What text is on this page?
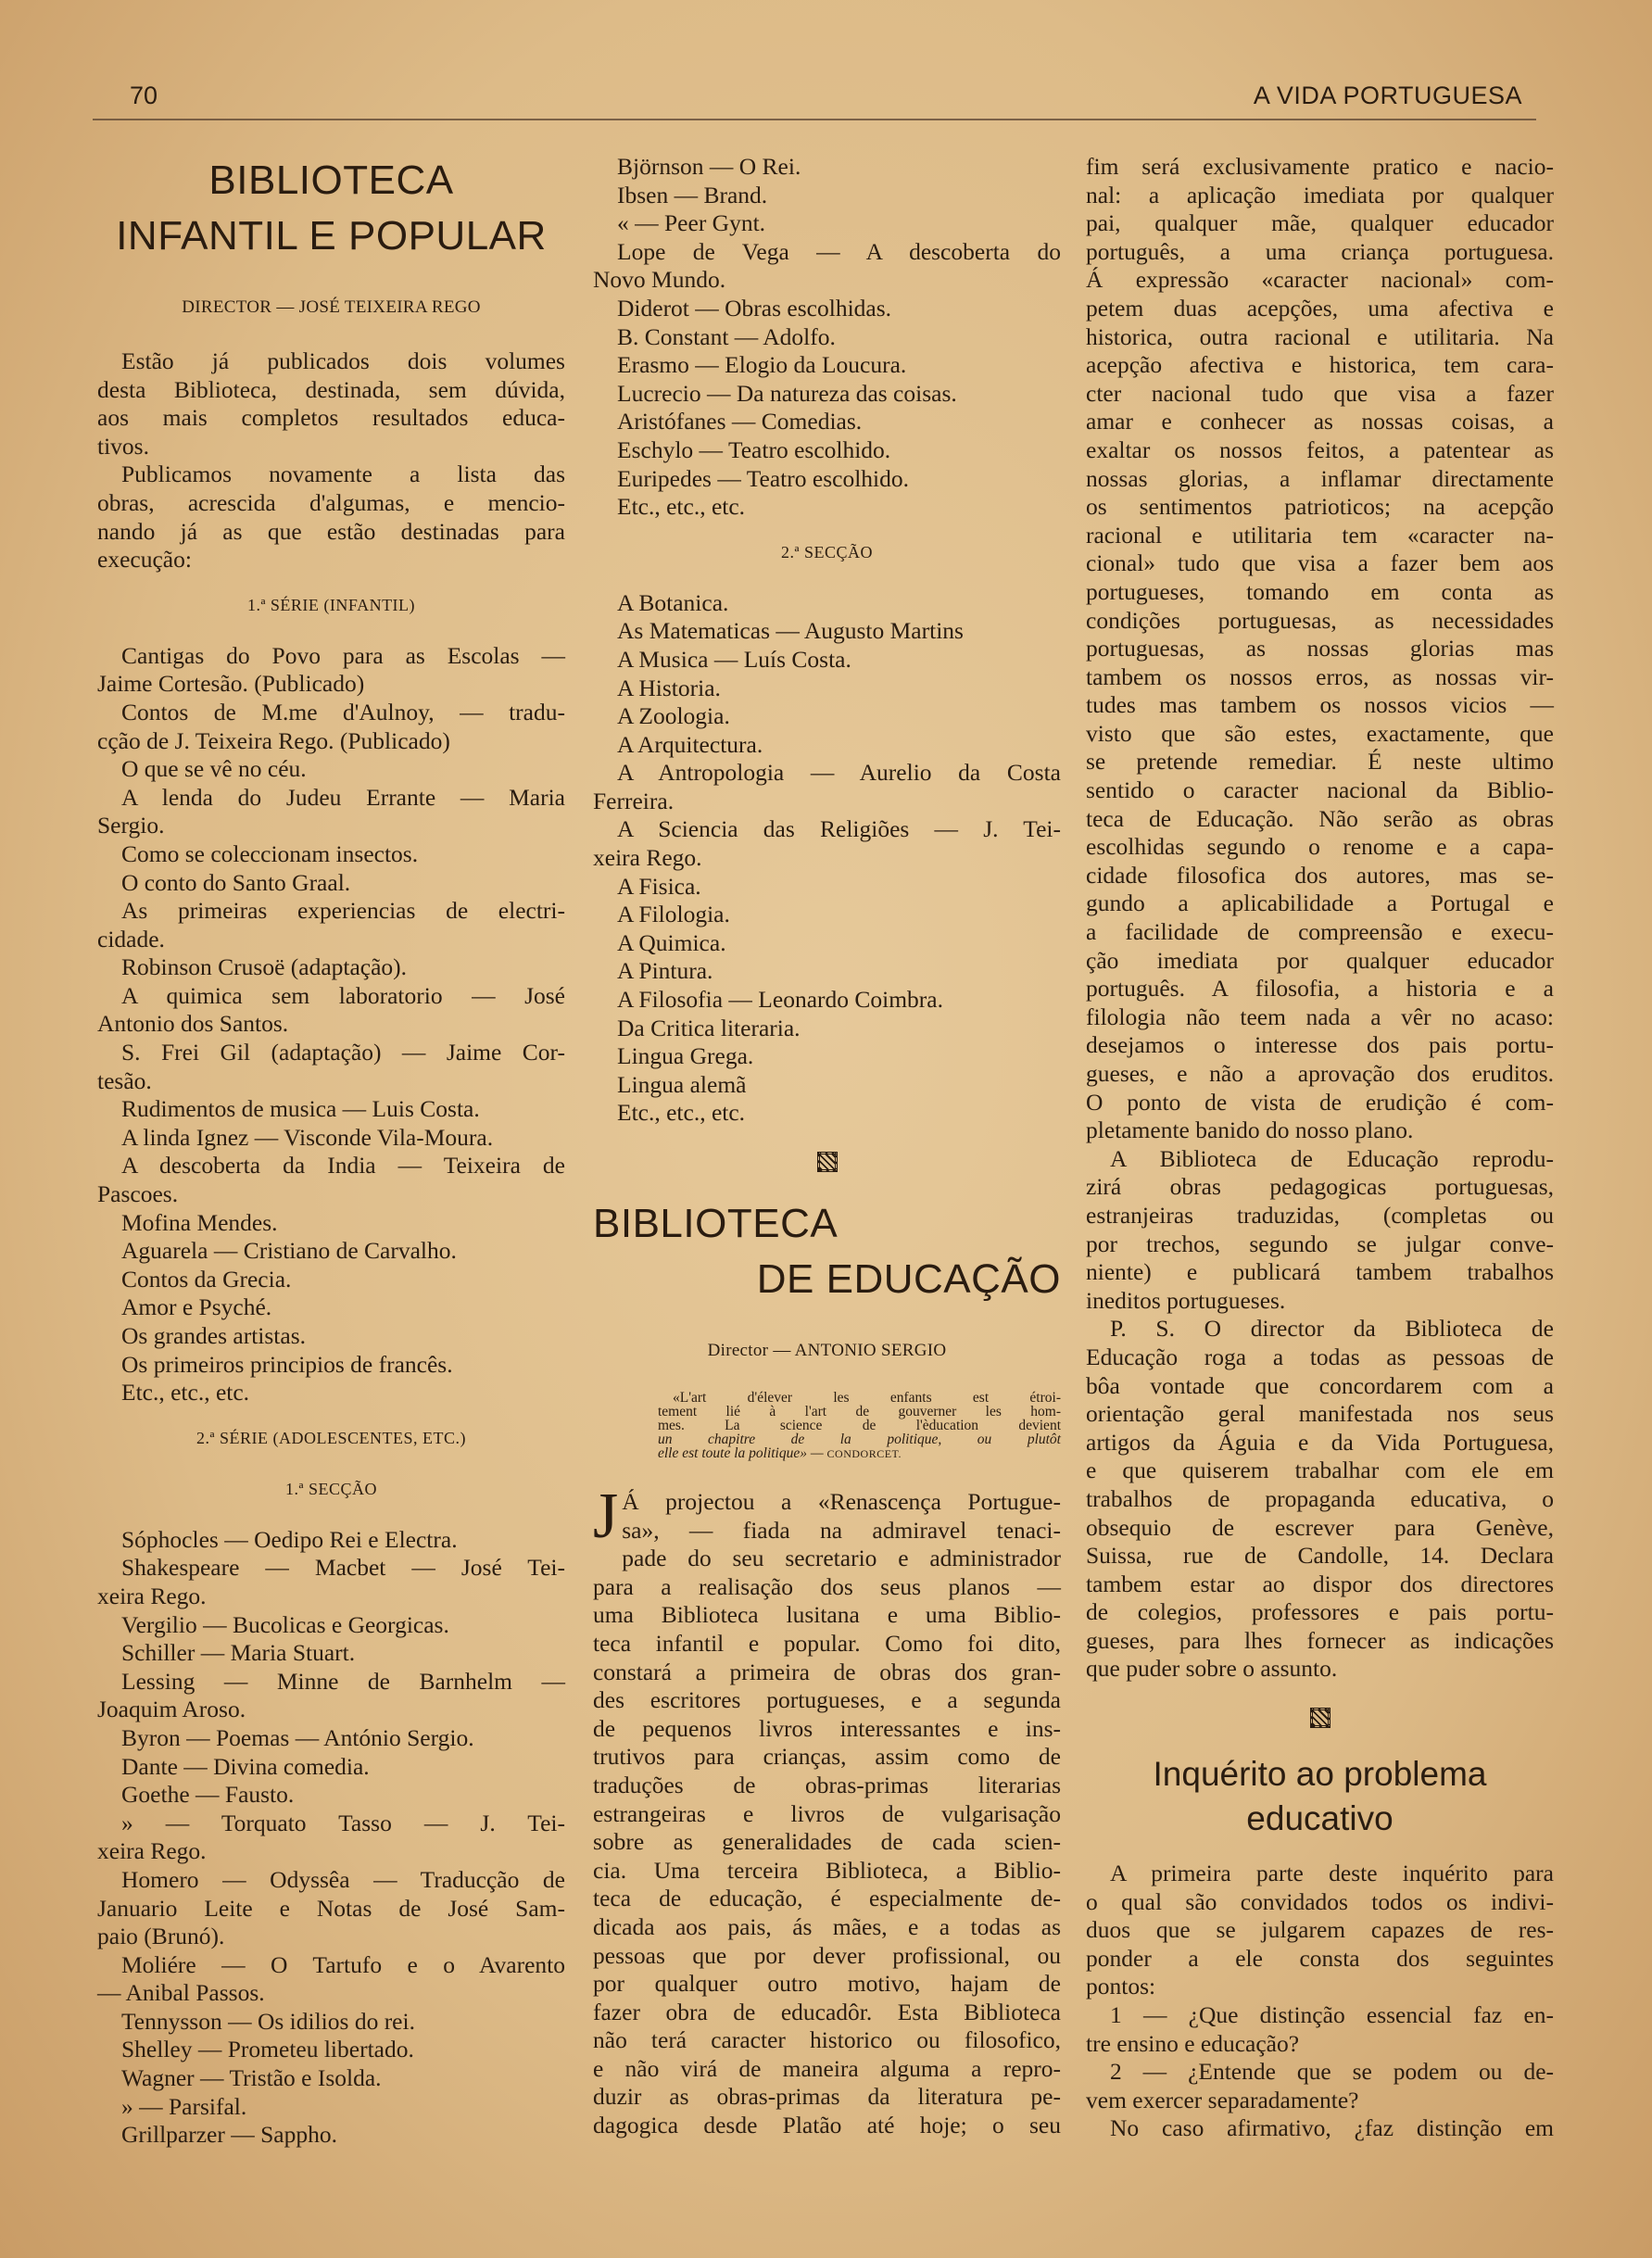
70	A VIDA PORTUGUESA
BIBLIOTECA
INFANTIL E POPULAR
DIRECTOR — JOSÉ TEIXEIRA REGO
Estão já publicados dois volumes
desta Biblioteca, destinada, sem dúvida,
aos mais completos resultados educa-
tivos.
Publicamos novamente a lista das
obras, acrescida d'algumas, e mencio-
nando já as que estão destinadas para
execução:
1.ª SÉRIE (INFANTIL)
Cantigas do Povo para as Escolas —
Jaime Cortesão. (Publicado)
Contos de M.me d'Aulnoy, — tradu-
cção de J. Teixeira Rego. (Publicado)
O que se vê no céu.
A lenda do Judeu Errante — Maria
Sergio.
Como se coleccionam insectos.
O conto do Santo Graal.
As primeiras experiencias de electri-
cidade.
Robinson Crusoë (adaptação).
A quimica sem laboratorio — José
Antonio dos Santos.
S. Frei Gil (adaptação) — Jaime Cor-
tesão.
Rudimentos de musica — Luis Costa.
A linda Ignez — Visconde Vila-Moura.
A descoberta da India — Teixeira de
Pascoes.
Mofina Mendes.
Aguarela — Cristiano de Carvalho.
Contos da Grecia.
Amor e Psyché.
Os grandes artistas.
Os primeiros principios de francês.
Etc., etc., etc.
2.ª SÉRIE (ADOLESCENTES, ETC.)
1.ª SECÇÃO
Sóphocles — Oedipo Rei e Electra.
Shakespeare — Macbet — José Tei-
xeira Rego.
Vergilio — Bucolicas e Georgicas.
Schiller — Maria Stuart.
Lessing — Minne de Barnhelm —
Joaquim Aroso.
Byron — Poemas — António Sergio.
Dante — Divina comedia.
Goethe — Fausto.
» — Torquato Tasso — J. Tei-
xeira Rego.
Homero — Odyssêa — Traducção de
Januario Leite e Notas de José Sam-
paio (Brunó).
Moliére — O Tartufo e o Avarento
— Anibal Passos.
Tennysson — Os idilios do rei.
Shelley — Prometeu libertado.
Wagner — Tristão e Isolda.
» — Parsifal.
Grillparzer — Sappho.
Björnson — O Rei.
Ibsen — Brand.
« — Peer Gynt.
Lope de Vega — A descoberta do
Novo Mundo.
Diderot — Obras escolhidas.
B. Constant — Adolfo.
Erasmo — Elogio da Loucura.
Lucrecio — Da natureza das coisas.
Aristófanes — Comedias.
Eschylo — Teatro escolhido.
Euripedes — Teatro escolhido.
Etc., etc., etc.
2.ª SECÇÃO
A Botanica.
As Matematicas — Augusto Martins
A Musica — Luís Costa.
A Historia.
A Zoologia.
A Arquitectura.
A Antropologia — Aurelio da Costa
Ferreira.
A Sciencia das Religiões — J. Tei-
xeira Rego.
A Fisica.
A Filologia.
A Quimica.
A Pintura.
A Filosofia — Leonardo Coimbra.
Da Critica literaria.
Lingua Grega.
Lingua alemã
Etc., etc., etc.
BIBLIOTECA
DE EDUCAÇÃO
Director — ANTONIO SERGIO
«L'art d'élever les enfants est étroi-
tement lié à l'art de gouverner les hom-
mes. La science de l'èducation devient
un chapitre de la politique, ou plutôt
elle est toute la politique» — CONDORCET.
J Á projectou a «Renascença Portugue-
sa», — fiada na admiravel tenaci-
pade do seu secretario e administrador
para a realisação dos seus planos —
uma Biblioteca lusitana e uma Biblio-
teca infantil e popular. Como foi dito,
constará a primeira de obras dos gran-
des escritores portugueses, e a segunda
de pequenos livros interessantes e ins-
trutivos para crianças, assim como de
traduções de obras-primas literarias
estrangeiras e livros de vulgarisação
sobre as generalidades de cada scien-
cia. Uma terceira Biblioteca, a Biblio-
teca de educação, é especialmente de-
dicada aos pais, ás mães, e a todas as
pessoas que por dever profissional, ou
por qualquer outro motivo, hajam de
fazer obra de educadôr. Esta Biblioteca
não terá caracter historico ou filosofico,
e não virá de maneira alguma a repro-
duzir as obras-primas da literatura pe-
dagogica desde Platão até hoje; o seu
fim será exclusivamente pratico e nacio-
nal: a aplicação imediata por qualquer
pai, qualquer mãe, qualquer educador
português, a uma criança portuguesa.
Á expressão «caracter nacional» com-
petem duas acepções, uma afectiva e
historica, outra racional e utilitaria. Na
acepção afectiva e historica, tem cara-
cter nacional tudo que visa a fazer
amar e conhecer as nossas coisas, a
exaltar os nossos feitos, a patentear as
nossas glorias, a inflamar directamente
os sentimentos patrioticos; na acepção
racional e utilitaria tem «caracter na-
cional» tudo que visa a fazer bem aos
portugueses, tomando em conta as
condições portuguesas, as necessidades
portuguesas, as nossas glorias mas
tambem os nossos erros, as nossas vir-
tudes mas tambem os nossos vicios —
visto que são estes, exactamente, que
se pretende remediar. É neste ultimo
sentido o caracter nacional da Biblio-
teca de Educação. Não serão as obras
escolhidas segundo o renome e a capa-
cidade filosofica dos autores, mas se-
gundo a aplicabilidade a Portugal e
a facilidade de compreensão e execu-
ção imediata por qualquer educador
português. A filosofia, a historia e a
filologia não teem nada a vêr no acaso:
desejamos o interesse dos pais portu-
gueses, e não a aprovação dos eruditos.
O ponto de vista de erudição é com-
pletamente banido do nosso plano.
A Biblioteca de Educação reprodu-
zirá obras pedagogicas portuguesas,
estranjeiras traduzidas, (completas ou
por trechos, segundo se julgar conve-
niente) e publicará tambem trabalhos
ineditos portugueses.
P. S. O director da Biblioteca de
Educação roga a todas as pessoas de
bôa vontade que concordarem com a
orientação geral manifestada nos seus
artigos da Águia e da Vida Portuguesa,
e que quiserem trabalhar com ele em
trabalhos de propaganda educativa, o
obsequio de escrever para Genève,
Suissa, rue de Candolle, 14. Declara
tambem estar ao dispor dos directores
de colegios, professores e pais portu-
gueses, para lhes fornecer as indicações
que puder sobre o assunto.
Inquérito ao problema
educativo
A primeira parte deste inquérito para
o qual são convidados todos os indivi-
duos que se julgarem capazes de res-
ponder a ele consta dos seguintes
pontos:
1 — ¿Que distinção essencial faz en-
tre ensino e educação?
2 — ¿Entende que se podem ou de-
vem exercer separadamente?
No caso afirmativo, ¿faz distinção em
